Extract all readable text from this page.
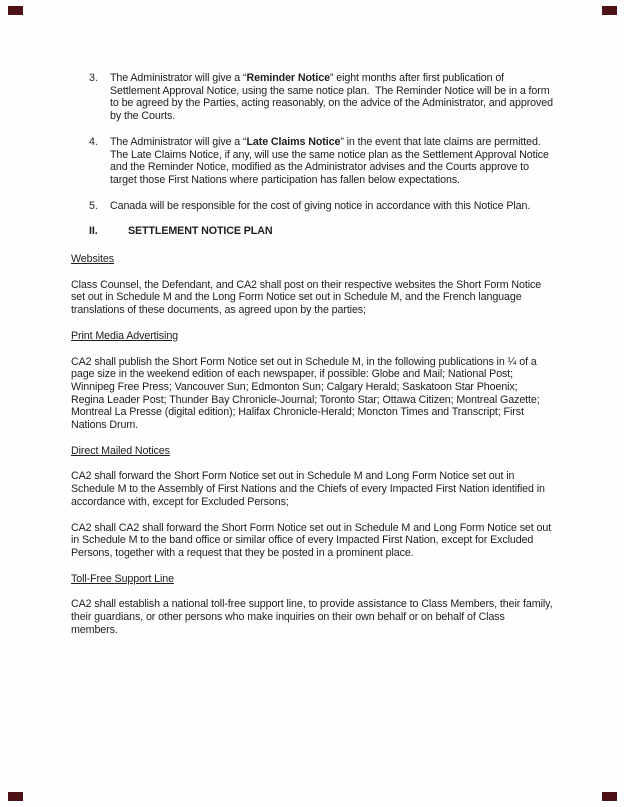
3.	The Administrator will give a “Reminder Notice” eight months after first publication of Settlement Approval Notice, using the same notice plan.  The Reminder Notice will be in a form to be agreed by the Parties, acting reasonably, on the advice of the Administrator, and approved by the Courts.
4.	The Administrator will give a “Late Claims Notice” in the event that late claims are permitted.  The Late Claims Notice, if any, will use the same notice plan as the Settlement Approval Notice and the Reminder Notice, modified as the Administrator advises and the Courts approve to target those First Nations where participation has fallen below expectations.
5.	Canada will be responsible for the cost of giving notice in accordance with this Notice Plan.
II.	SETTLEMENT NOTICE PLAN

Websites

Class Counsel, the Defendant, and CA2 shall post on their respective websites the Short Form Notice set out in Schedule M and the Long Form Notice set out in Schedule M, and the French language translations of these documents, as agreed upon by the parties;

Print Media Advertising

CA2 shall publish the Short Form Notice set out in Schedule M, in the following publications in ¼ of a page size in the weekend edition of each newspaper, if possible: Globe and Mail; National Post; Winnipeg Free Press; Vancouver Sun; Edmonton Sun; Calgary Herald; Saskatoon Star Phoenix; Regina Leader Post; Thunder Bay Chronicle-Journal; Toronto Star; Ottawa Citizen; Montreal Gazette; Montreal La Presse (digital edition); Halifax Chronicle-Herald; Moncton Times and Transcript; First Nations Drum.

Direct Mailed Notices

CA2 shall forward the Short Form Notice set out in Schedule M and Long Form Notice set out in Schedule M to the Assembly of First Nations and the Chiefs of every Impacted First Nation identified in accordance with, except for Excluded Persons;

CA2 shall CA2 shall forward the Short Form Notice set out in Schedule M and Long Form Notice set out in Schedule M to the band office or similar office of every Impacted First Nation, except for Excluded Persons, together with a request that they be posted in a prominent place.

Toll-Free Support Line

CA2 shall establish a national toll-free support line, to provide assistance to Class Members, their family, their guardians, or other persons who make inquiries on their own behalf or on behalf of Class members.
